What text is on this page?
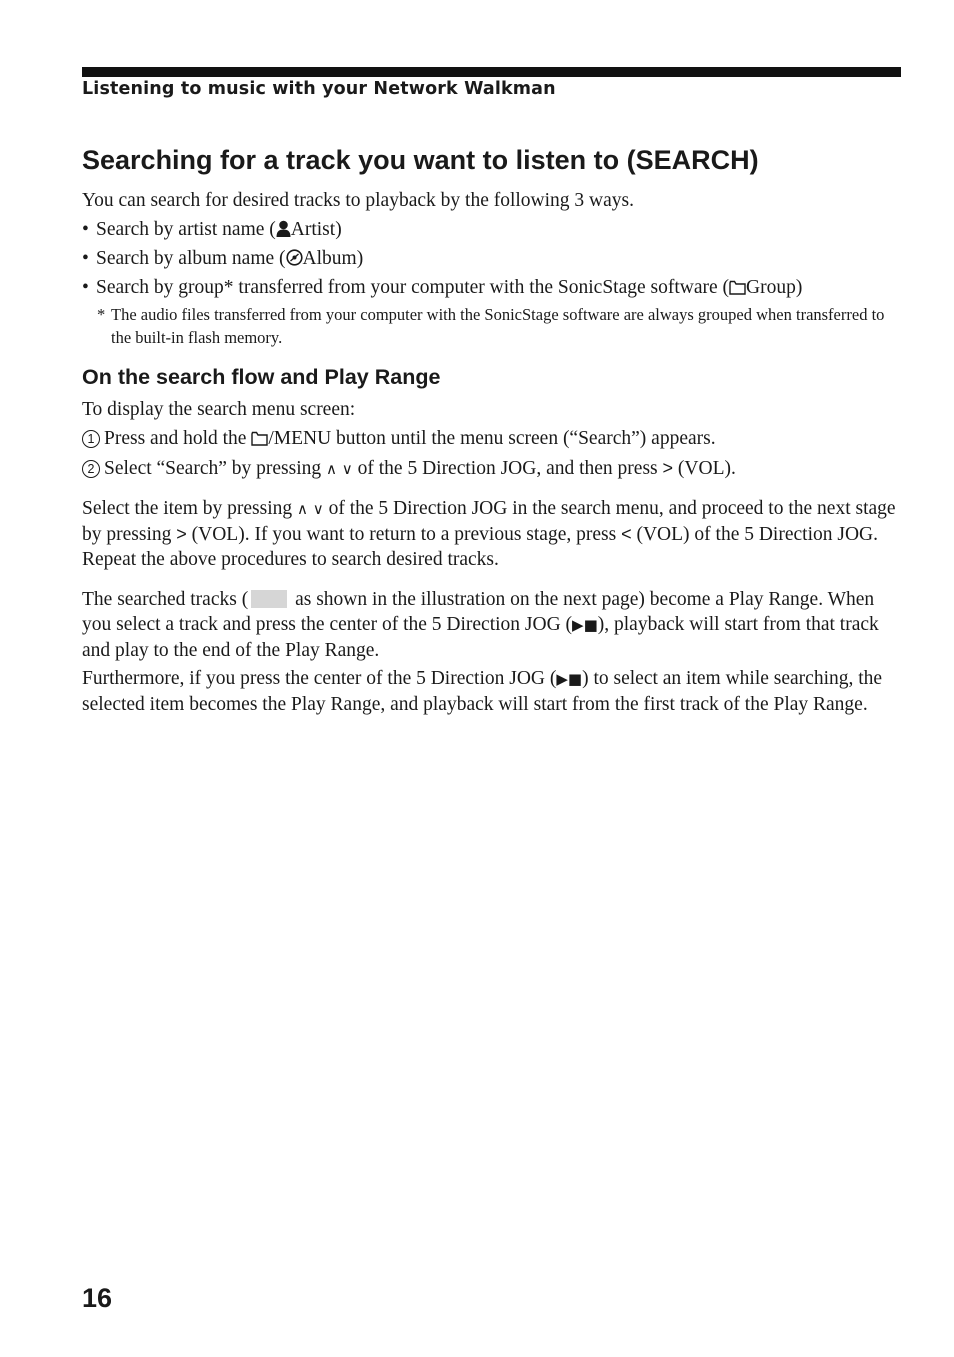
Listening to music with your Network Walkman
Searching for a track you want to listen to (SEARCH)
You can search for desired tracks to playback by the following 3 ways.
• Search by artist name ( Artist)
• Search by album name ( Album)
• Search by group* transferred from your computer with the SonicStage software ( Group)
* The audio files transferred from your computer with the SonicStage software are always grouped when transferred to the built-in flash memory.
On the search flow and Play Range
To display the search menu screen:
1 Press and hold the /MENU button until the menu screen (“Search”) appears.
2 Select “Search” by pressing ∧ ∨ of the 5 Direction JOG, and then press > (VOL).

Select the item by pressing ∧ ∨ of the 5 Direction JOG in the search menu, and proceed to the next stage by pressing > (VOL). If you want to return to a previous stage, press < (VOL) of the 5 Direction JOG. Repeat the above procedures to search desired tracks.

The searched tracks ( as shown in the illustration on the next page) become a Play Range. When you select a track and press the center of the 5 Direction JOG (▶■), playback will start from that track and play to the end of the Play Range.

Furthermore, if you press the center of the 5 Direction JOG (▶■) to select an item while searching, the selected item becomes the Play Range, and playback will start from the first track of the Play Range.

16
